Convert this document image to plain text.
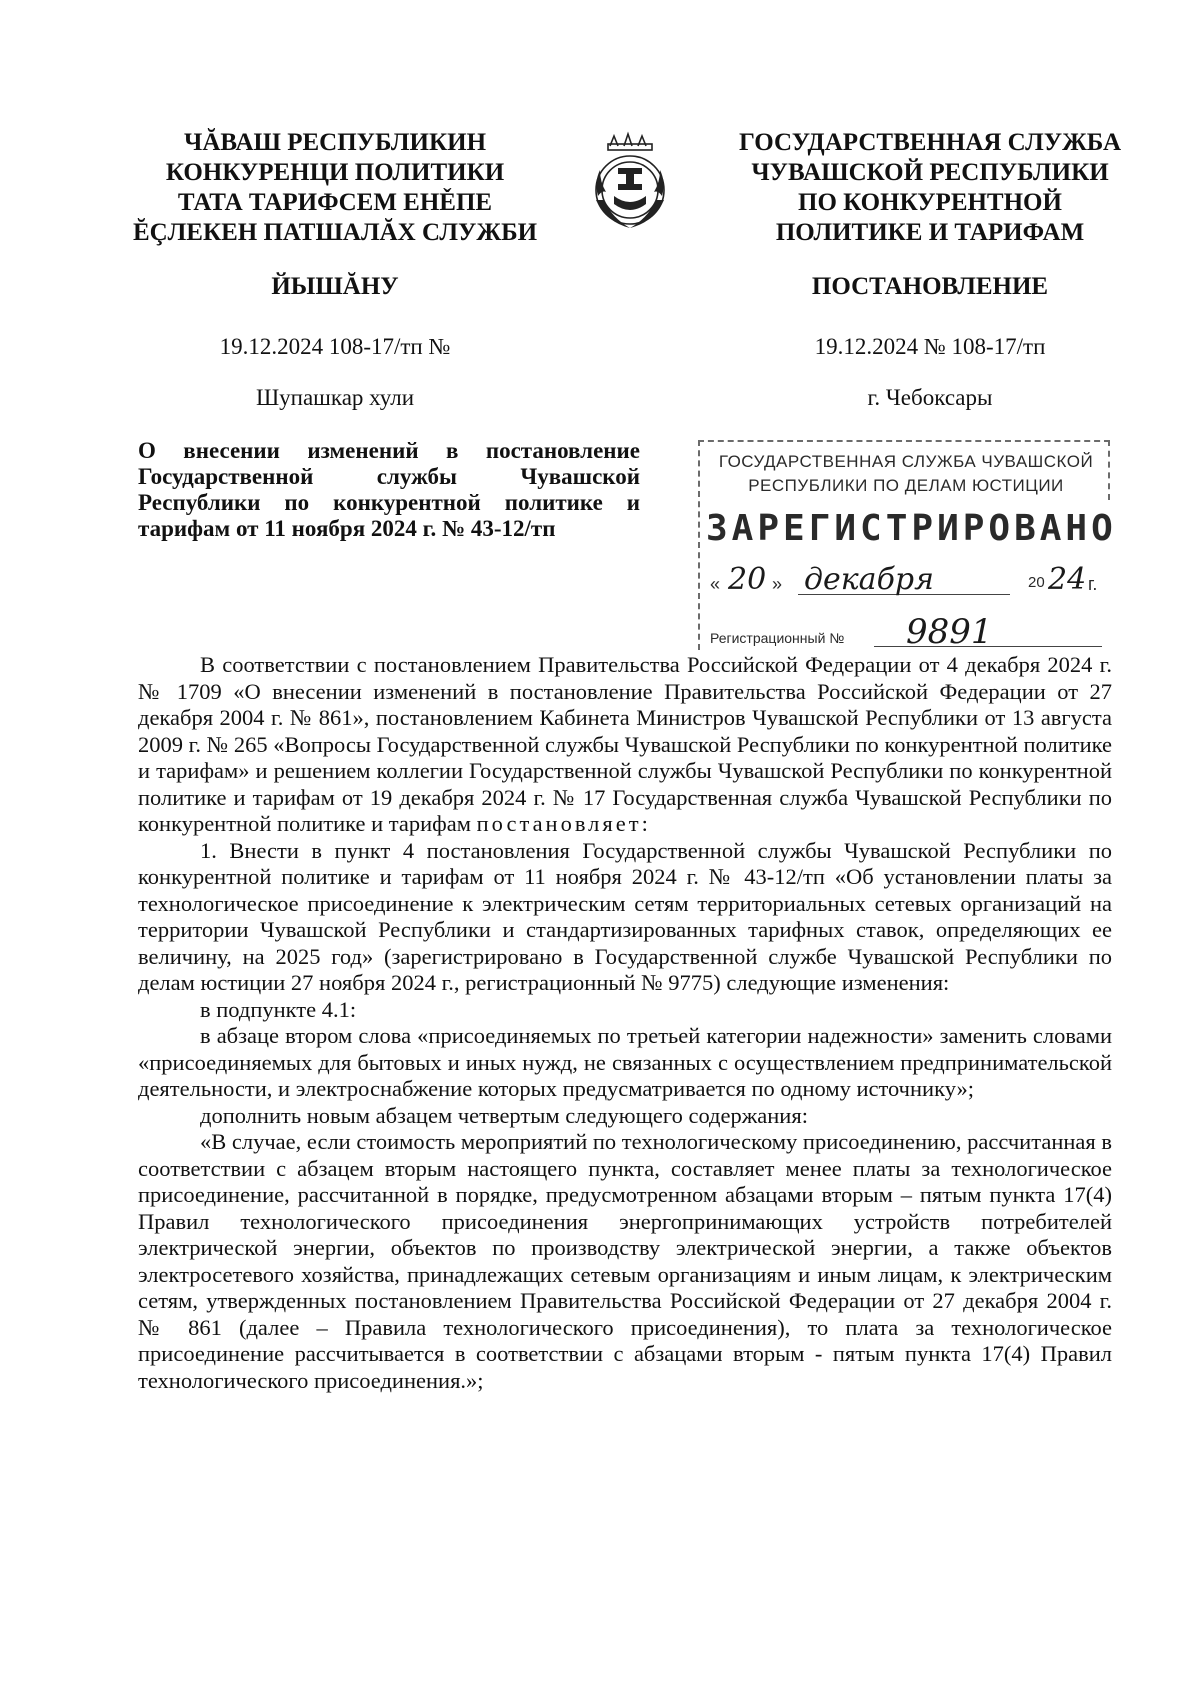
ЧĂВАШ РЕСПУБЛИКИН
КОНКУРЕНЦИ ПОЛИТИКИ
ТАТА ТАРИФСЕМ ЕНĚПЕ
ĔÇЛЕКЕН ПАТШАЛĂХ СЛУЖБИ
ЙЫШĂНУ
19.12.2024 108-17/тп №
Шупашкар хули
ГОСУДАРСТВЕННАЯ СЛУЖБА
ЧУВАШСКОЙ РЕСПУБЛИКИ
ПО КОНКУРЕНТНОЙ
ПОЛИТИКЕ И ТАРИФАМ
ПОСТАНОВЛЕНИЕ
19.12.2024 № 108-17/тп
г. Чебоксары
О внесении изменений в постановление Государственной службы Чувашской Республики по конкурентной политике и тарифам от 11 ноября 2024 г. № 43-12/тп
ГОСУДАРСТВЕННАЯ СЛУЖБА ЧУВАШСКОЙ
РЕСПУБЛИКИ ПО ДЕЛАМ ЮСТИЦИИ
ЗАРЕГИСТРИРОВАНО
« 20 » декабря	20 24 г.
Регистрационный № 9891

В соответствии с постановлением Правительства Российской Федерации от 4 декабря 2024 г. № 1709 «О внесении изменений в постановление Правительства Российской Федерации от 27 декабря 2004 г. № 861», постановлением Кабинета Министров Чувашской Республики от 13 августа 2009 г. № 265 «Вопросы Государственной службы Чувашской Республики по конкурентной политике и тарифам» и решением коллегии Государственной службы Чувашской Республики по конкурентной политике и тарифам от 19 декабря 2024 г. № 17 Государственная служба Чувашской Республики по конкурентной политике и тарифам постановляет:

1. Внести в пункт 4 постановления Государственной службы Чувашской Республики по конкурентной политике и тарифам от 11 ноября 2024 г. № 43-12/тп «Об установлении платы за технологическое присоединение к электрическим сетям территориальных сетевых организаций на территории Чувашской Республики и стандартизированных тарифных ставок, определяющих ее величину, на 2025 год» (зарегистрировано в Государственной службе Чувашской Республики по делам юстиции 27 ноября 2024 г., регистрационный № 9775) следующие изменения:

в подпункте 4.1:

в абзаце втором слова «присоединяемых по третьей категории надежности» заменить словами «присоединяемых для бытовых и иных нужд, не связанных с осуществлением предпринимательской деятельности, и электроснабжение которых предусматривается по одному источнику»;

дополнить новым абзацем четвертым следующего содержания:

«В случае, если стоимость мероприятий по технологическому присоединению, рассчитанная в соответствии с абзацем вторым настоящего пункта, составляет менее платы за технологическое присоединение, рассчитанной в порядке, предусмотренном абзацами вторым – пятым пункта 17(4) Правил технологического присоединения энергопринимающих устройств потребителей электрической энергии, объектов по производству электрической энергии, а также объектов электросетевого хозяйства, принадлежащих сетевым организациям и иным лицам, к электрическим сетям, утвержденных постановлением Правительства Российской Федерации от 27 декабря 2004 г. № 861 (далее – Правила технологического присоединения), то плата за технологическое присоединение рассчитывается в соответствии с абзацами вторым - пятым пункта 17(4) Правил технологического присоединения.»;
